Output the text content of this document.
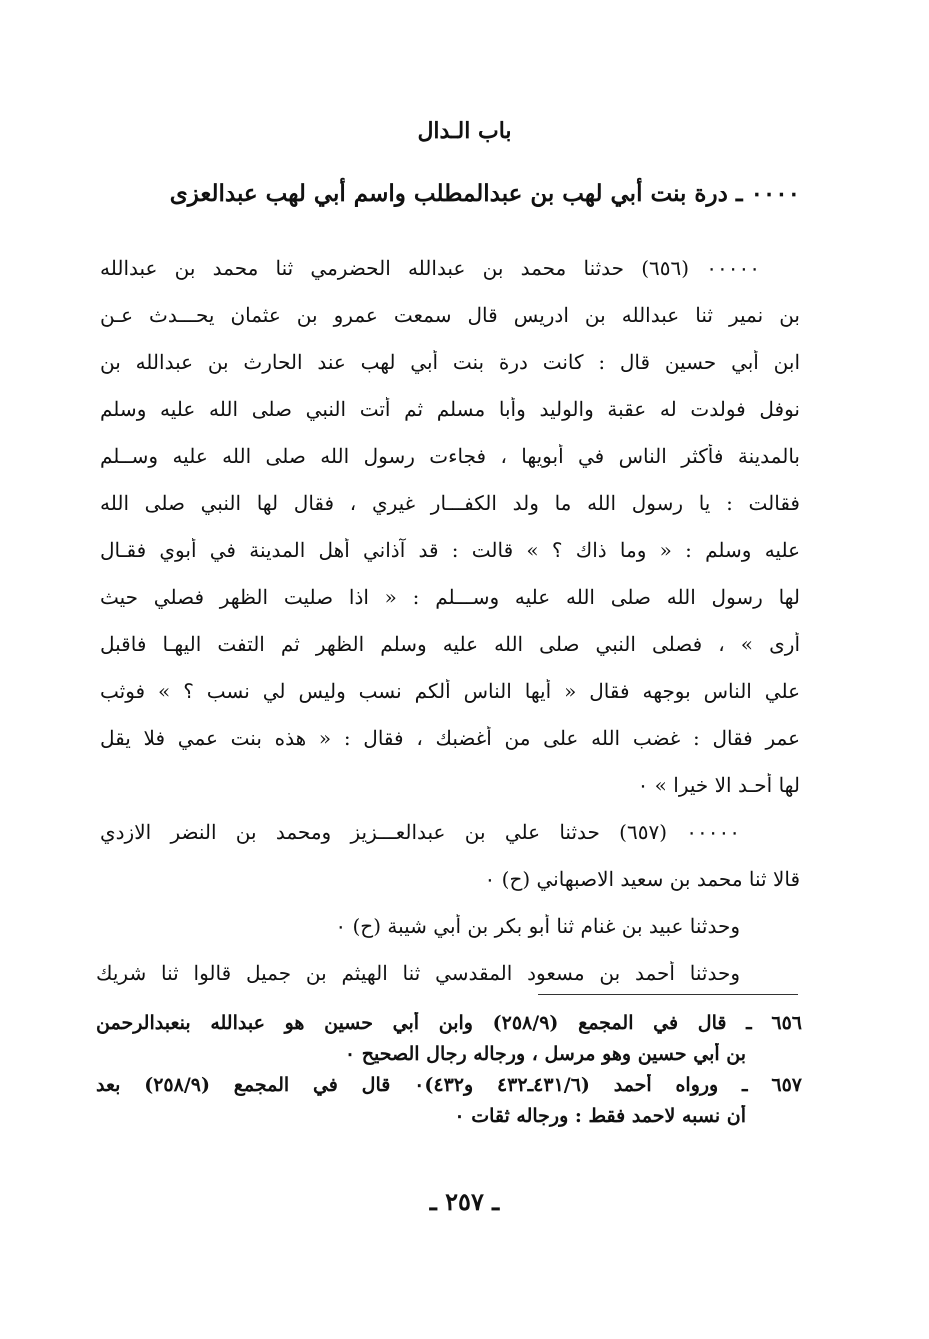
باب الـدال
٠٠٠٠ ـ درة بنت أبي لهب بن عبدالمطلب واسم أبي لهب عبدالعزى
٠٠٠٠٠ (٦٥٦) حدثنا محمد بن عبدالله الحضرمي ثنا محمد بن عبدالله
بن نمير ثنا عبدالله بن ادريس قال سمعت عمرو بن عثمان يحـــدث عـن
ابن أبي حسين قال : كانت درة بنت أبي لهب عند الحارث بن عبدالله بن
نوفل فولدت له عقبة والوليد وأبا مسلم ثم أتت النبي صلى الله عليه وسلم
بالمدينة فأكثر الناس في أبويها ، فجاءت رسول الله صلى الله عليه وســلم
فقالت : يا رسول الله ما ولد الكفـــار غيري ، فقال لها النبي صلى الله
عليه وسلم : « وما ذاك ؟ » قالت : قد آذاني أهل المدينة في أبوي فقـال
لها رسول الله صلى الله عليه وســـلم : « اذا صليت الظهر فصلي حيث
أرى » ، فصلى النبي صلى الله عليه وسلم الظهر ثم التفت اليهـا فاقبل
علي الناس بوجهه فقال « أيها الناس ألكم نسب وليس لي نسب ؟ » فوثب
عمر فقال : غضب الله على من أغضبك ، فقال : « هذه بنت عمي فلا يقل
لها أحـد الا خيرا » ٠
٠٠٠٠٠ (٦٥٧) حدثنا علي بن عبدالعـــزيز ومحمد بن النضر الازدي
قالا ثنا محمد بن سعيد الاصبهاني (ح) ٠
وحدثنا عبيد بن غنام ثنا أبو بكر بن أبي شيبة (ح) ٠
وحدثنا أحمد بن مسعود المقدسي ثنا الهيثم بن جميل قالوا ثنا شريك
٦٥٦ ـ قال في المجمع (٢٥٨/٩) وابن أبي حسين هو عبدالله بنعبدالرحمن
بن أبي حسين وهو مرسل ، ورجاله رجال الصحيح ٠
٦٥٧ ـ ورواه أحمد (٤٣١/٦ـ٤٣٢ و٤٣٢)٠ قال في المجمع (٢٥٨/٩) بعد
أن نسبه لاحمد فقط : ورجاله ثقات ٠
ـ ٢٥٧ ـ
